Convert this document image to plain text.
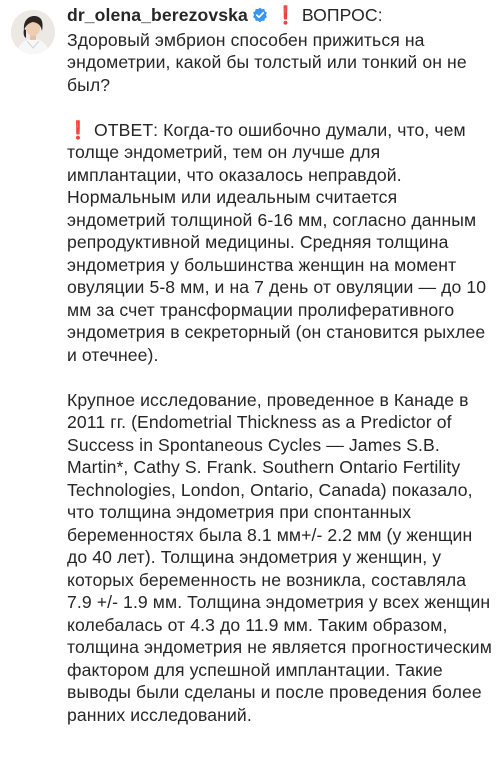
dr_olena_berezovska ❗ ВОПРОС:
Здоровый эмбрион способен прижиться на эндометрии, какой бы толстый или тонкий он не был?

❗ ОТВЕТ: Когда-то ошибочно думали, что, чем толще эндометрий, тем он лучше для имплантации, что оказалось неправдой. Нормальным или идеальным считается эндометрий толщиной 6-16 мм, согласно данным репродуктивной медицины. Средняя толщина эндометрия у большинства женщин на момент овуляции 5-8 мм, и на 7 день от овуляции — до 10 мм за счет трансформации пролиферативного эндометрия в секреторный (он становится рыхлее и отечнее).

Крупное исследование, проведенное в Канаде в 2011 гг. (Endometrial Thickness as a Predictor of Success in Spontaneous Cycles — James S.B. Martin*, Cathy S. Frank. Southern Ontario Fertility Technologies, London, Ontario, Canada) показало, что толщина эндометрия при спонтанных беременностях была 8.1 мм+/- 2.2 мм (у женщин до 40 лет). Толщина эндометрия у женщин, у которых беременность не возникла, составляла 7.9 +/- 1.9 мм. Толщина эндометрия у всех женщин колебалась от 4.3 до 11.9 мм. Таким образом, толщина эндометрия не является прогностическим фактором для успешной имплантации. Такие выводы были сделаны и после проведения более ранних исследований.
